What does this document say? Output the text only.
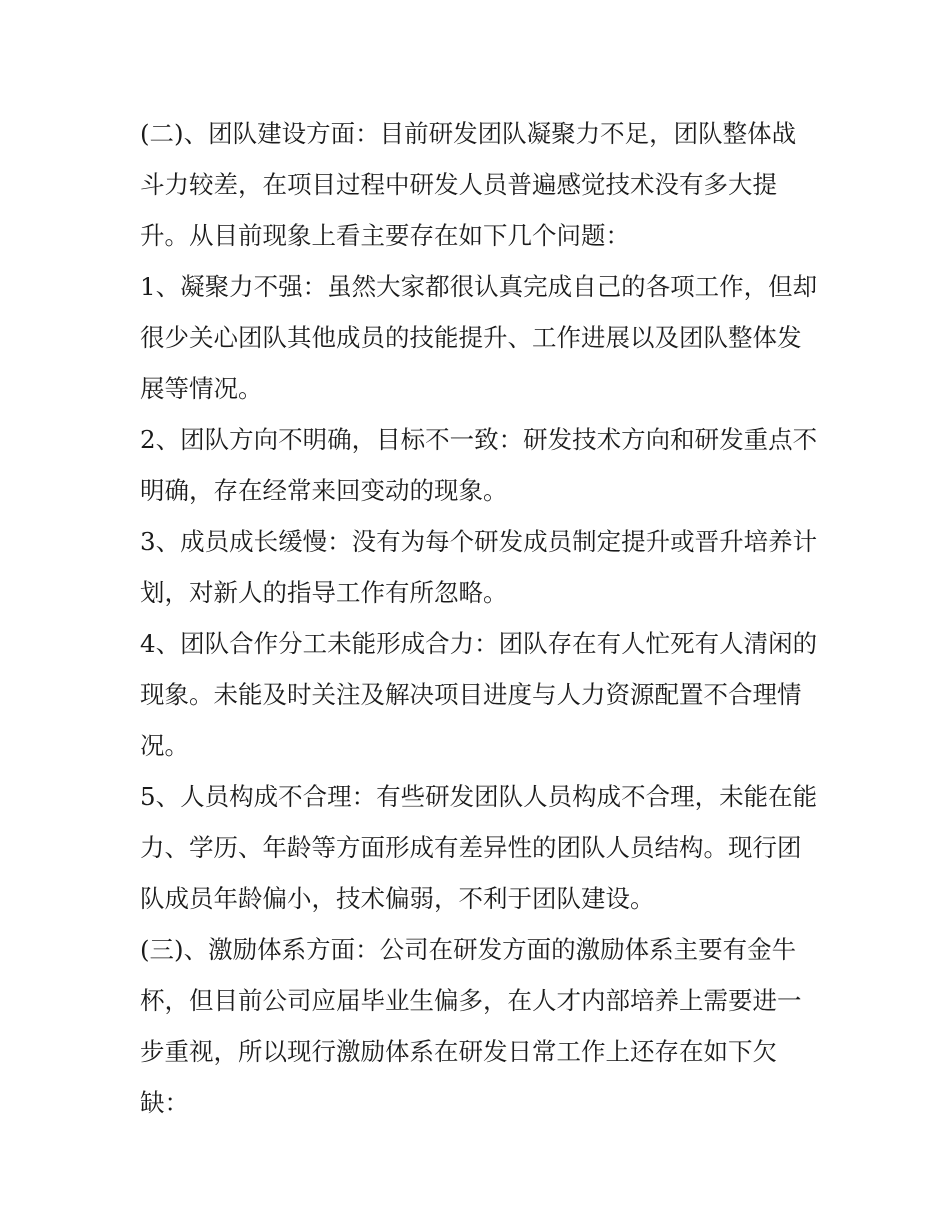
(二)、团队建设方面：目前研发团队凝聚力不足，团队整体战斗力较差，在项目过程中研发人员普遍感觉技术没有多大提升。从目前现象上看主要存在如下几个问题：

1、凝聚力不强：虽然大家都很认真完成自己的各项工作，但却很少关心团队其他成员的技能提升、工作进展以及团队整体发展等情况。

2、团队方向不明确，目标不一致：研发技术方向和研发重点不明确，存在经常来回变动的现象。

3、成员成长缓慢：没有为每个研发成员制定提升或晋升培养计划，对新人的指导工作有所忽略。

4、团队合作分工未能形成合力：团队存在有人忙死有人清闲的现象。未能及时关注及解决项目进度与人力资源配置不合理情况。

5、人员构成不合理：有些研发团队人员构成不合理，未能在能力、学历、年龄等方面形成有差异性的团队人员结构。现行团队成员年龄偏小，技术偏弱，不利于团队建设。

(三)、激励体系方面：公司在研发方面的激励体系主要有金牛杯，但目前公司应届毕业生偏多，在人才内部培养上需要进一步重视，所以现行激励体系在研发日常工作上还存在如下欠缺：
